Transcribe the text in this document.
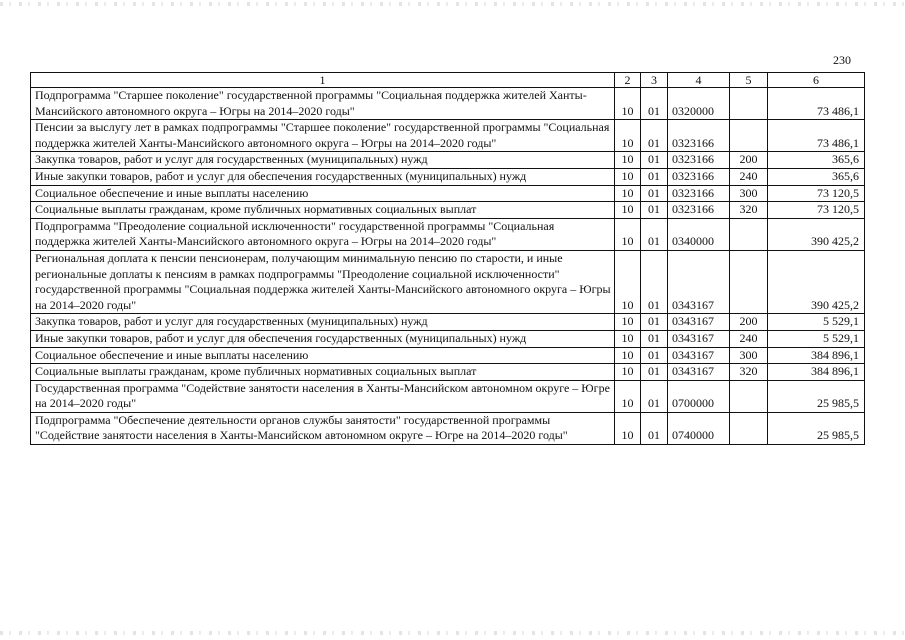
230
1	2	3	4	5	6
Подпрограмма "Старшее поколение" государственной программы "Социальная поддержка жителей Ханты-Мансийского автономного округа – Югры на 2014–2020 годы"	10	01	0320000		73 486,1
Пенсии за выслугу лет в рамках подпрограммы "Старшее поколение" государственной программы "Социальная поддержка жителей Ханты-Мансийского автономного округа – Югры на 2014–2020 годы"	10	01	0323166		73 486,1
Закупка товаров, работ и услуг для государственных (муниципальных) нужд	10	01	0323166	200	365,6
Иные закупки товаров, работ и услуг для обеспечения государственных (муниципальных) нужд	10	01	0323166	240	365,6
Социальное обеспечение и иные выплаты населению	10	01	0323166	300	73 120,5
Социальные выплаты гражданам, кроме публичных нормативных социальных выплат	10	01	0323166	320	73 120,5
Подпрограмма "Преодоление социальной исключенности" государственной программы "Социальная поддержка жителей Ханты-Мансийского автономного округа – Югры на 2014–2020 годы"	10	01	0340000		390 425,2
Региональная доплата к пенсии пенсионерам, получающим минимальную пенсию по старости, и иные региональные доплаты к пенсиям в рамках подпрограммы "Преодоление социальной исключенности" государственной программы "Социальная поддержка жителей Ханты-Мансийского автономного округа – Югры на 2014–2020 годы"	10	01	0343167		390 425,2
Закупка товаров, работ и услуг для государственных (муниципальных) нужд	10	01	0343167	200	5 529,1
Иные закупки товаров, работ и услуг для обеспечения государственных (муниципальных) нужд	10	01	0343167	240	5 529,1
Социальное обеспечение и иные выплаты населению	10	01	0343167	300	384 896,1
Социальные выплаты гражданам, кроме публичных нормативных социальных выплат	10	01	0343167	320	384 896,1
Государственная программа "Содействие занятости населения в Ханты-Мансийском автономном округе – Югре на 2014–2020 годы"	10	01	0700000		25 985,5
Подпрограмма "Обеспечение деятельности органов службы занятости" государственной программы "Содействие занятости населения в Ханты-Мансийском автономном округе – Югре на 2014–2020 годы"	10	01	0740000		25 985,5
